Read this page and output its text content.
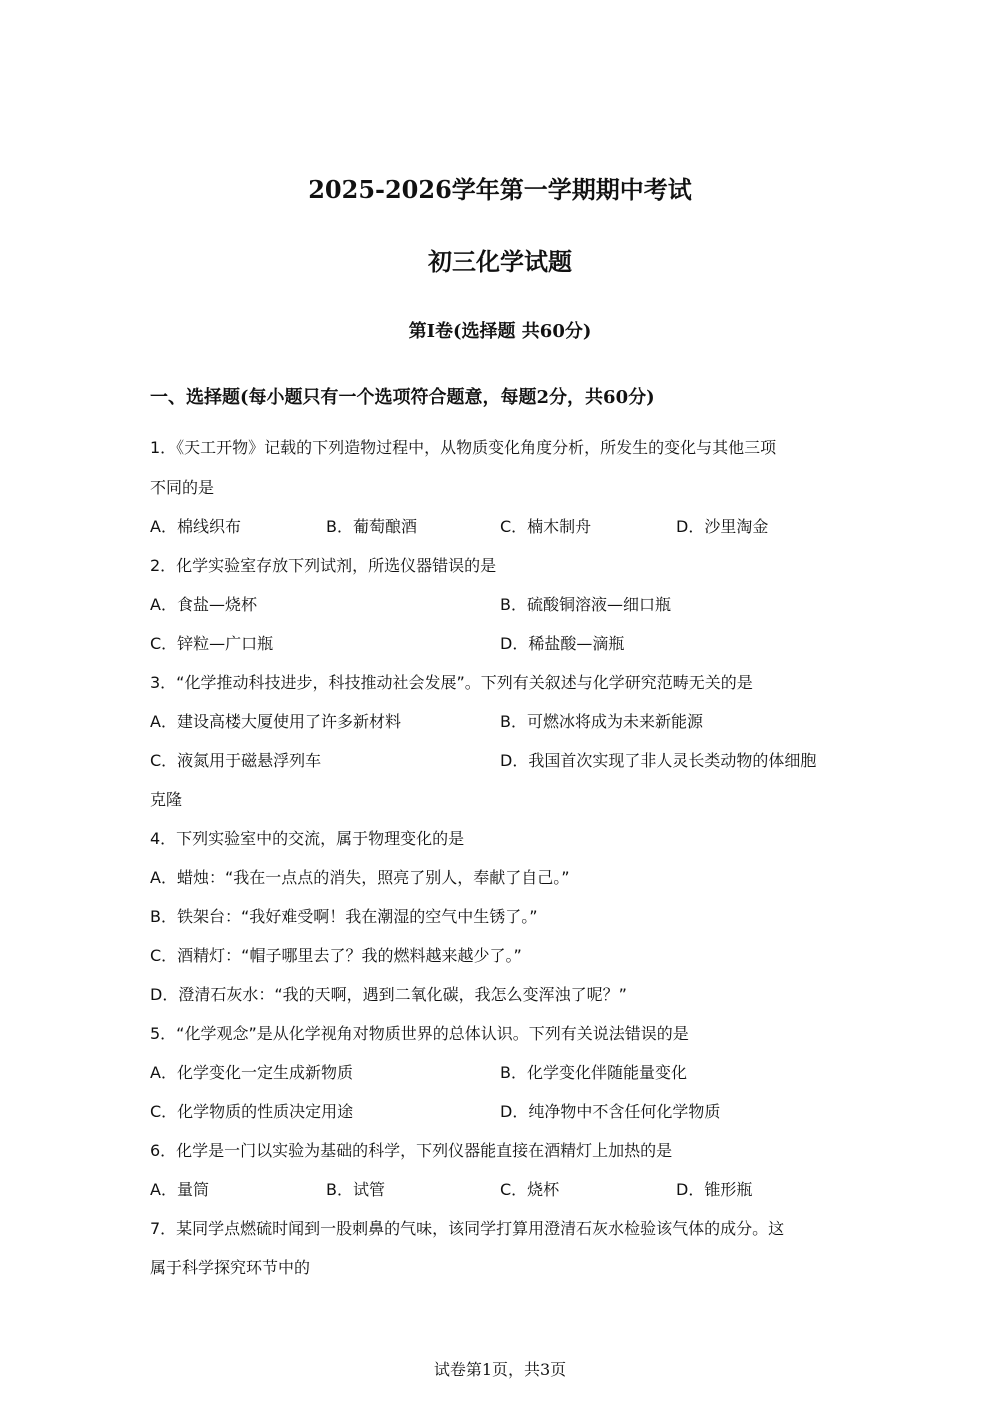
2025-2026学年第一学期期中考试
初三化学试题
第Ⅰ卷(选择题 共60分)
一、选择题(每小题只有一个选项符合题意，每题2分，共60分)
1．《天工开物》记载的下列造物过程中，从物质变化角度分析，所发生的变化与其他三项
不同的是
A．棉线织布	B．葡萄酿酒	C．楠木制舟	D．沙里淘金
2．化学实验室存放下列试剂，所选仪器错误的是
A．食盐—烧杯	B．硫酸铜溶液—细口瓶
C．锌粒—广口瓶	D．稀盐酸—滴瓶
3．“化学推动科技进步，科技推动社会发展”。下列有关叙述与化学研究范畴无关的是
A．建设高楼大厦使用了许多新材料	B．可燃冰将成为未来新能源
C．液氮用于磁悬浮列车	D．我国首次实现了非人灵长类动物的体细胞
克隆
4．下列实验室中的交流，属于物理变化的是
A．蜡烛：“我在一点点的消失，照亮了别人，奉献了自己。”
B．铁架台：“我好难受啊！我在潮湿的空气中生锈了。”
C．酒精灯：“帽子哪里去了？我的燃料越来越少了。”
D．澄清石灰水：“我的天啊，遇到二氧化碳，我怎么变浑浊了呢？”
5．“化学观念”是从化学视角对物质世界的总体认识。下列有关说法错误的是
A．化学变化一定生成新物质	B．化学变化伴随能量变化
C．化学物质的性质决定用途	D．纯净物中不含任何化学物质
6．化学是一门以实验为基础的科学，下列仪器能直接在酒精灯上加热的是
A．量筒	B．试管	C．烧杯	D．锥形瓶
7．某同学点燃硫时闻到一股刺鼻的气味，该同学打算用澄清石灰水检验该气体的成分。这
属于科学探究环节中的
试卷第1页，共3页
